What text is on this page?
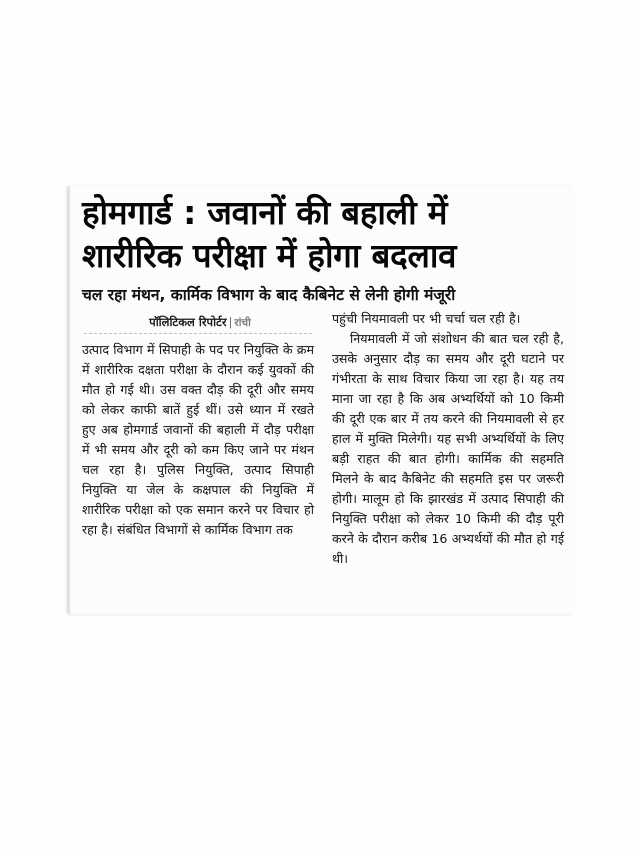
होमगार्ड : जवानों की बहाली में
शारीरिक परीक्षा में होगा बदलाव
चल रहा मंथन, कार्मिक विभाग के बाद कैबिनेट से लेनी होगी मंजूरी
पॉलिटिकल रिपोर्टर | रांची

उत्पाद विभाग में सिपाही के पद पर नियुक्ति के क्रम में शारीरिक दक्षता परीक्षा के दौरान कई युवकों की मौत हो गई थी। उस वक्त दौड़ की दूरी और समय को लेकर काफी बातें हुई थीं। उसे ध्यान में रखते हुए अब होमगार्ड जवानों की बहाली में दौड़ परीक्षा में भी समय और दूरी को कम किए जाने पर मंथन चल रहा है। पुलिस नियुक्ति, उत्पाद सिपाही नियुक्ति या जेल के कक्षपाल की नियुक्ति में शारीरिक परीक्षा को एक समान करने पर विचार हो रहा है। संबंधित विभागों से कार्मिक विभाग तक

पहुंची नियमावली पर भी चर्चा चल रही है।

नियमावली में जो संशोधन की बात चल रही है, उसके अनुसार दौड़ का समय और दूरी घटाने पर गंभीरता के साथ विचार किया जा रहा है। यह तय माना जा रहा है कि अब अभ्यर्थियों को 10 किमी की दूरी एक बार में तय करने की नियमावली से हर हाल में मुक्ति मिलेगी। यह सभी अभ्यर्थियों के लिए बड़ी राहत की बात होगी। कार्मिक की सहमति मिलने के बाद कैबिनेट की सहमति इस पर जरूरी होगी। मालूम हो कि झारखंड में उत्पाद सिपाही की नियुक्ति परीक्षा को लेकर 10 किमी की दौड़ पूरी करने के दौरान करीब 16 अभ्यर्थयों की मौत हो गई थी।
